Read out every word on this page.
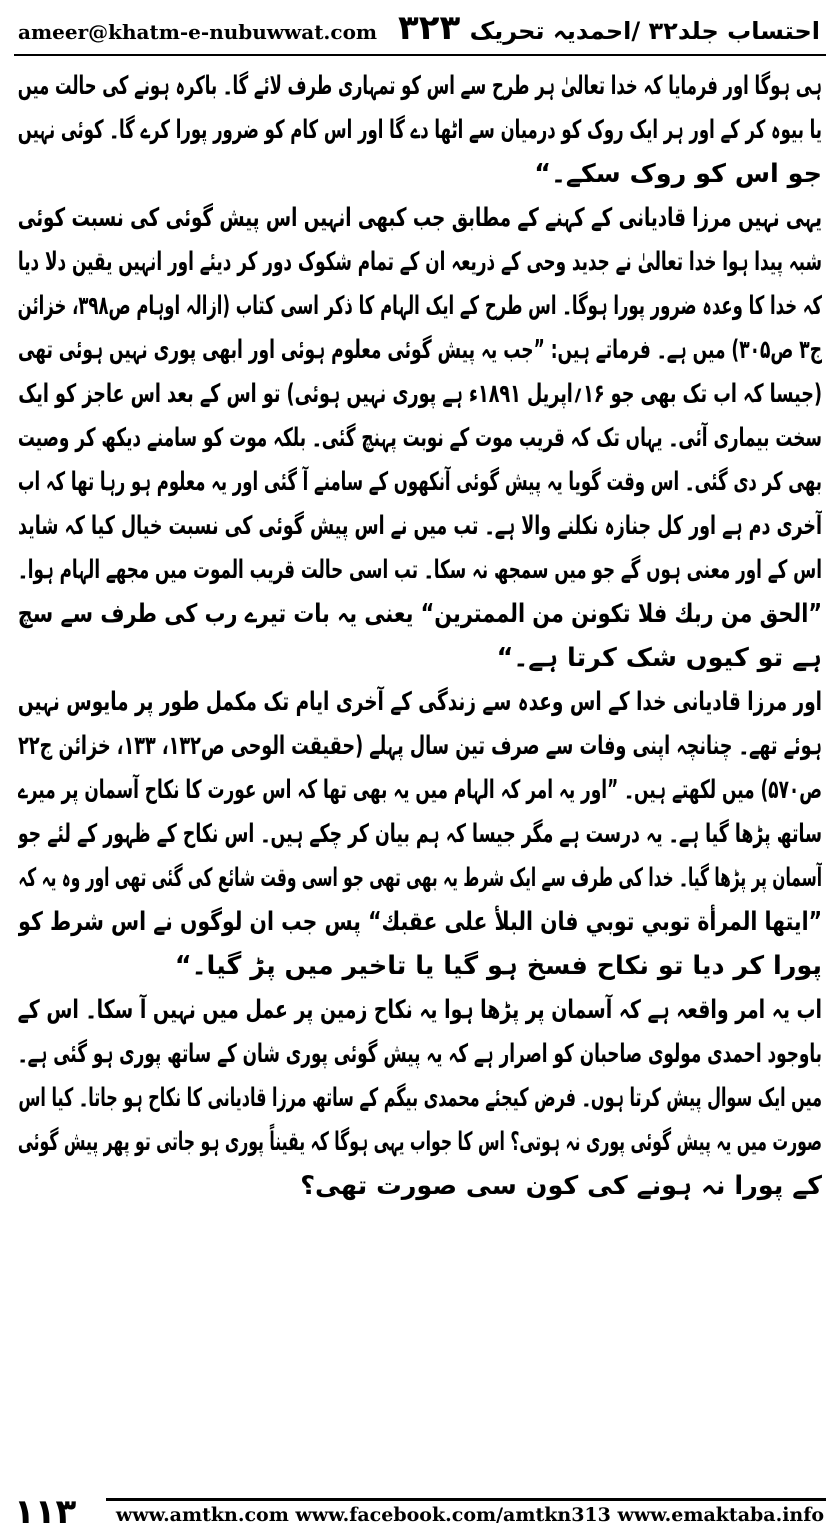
ameer@khatm-e-nubuwwat.com ۳۲۳ احتساب جلد۳۲ /احمدیہ تحریک
ہی ہوگا اور فرمایا کہ خدا تعالیٰ ہر طرح سے اس کو تمہاری طرف لائے گا۔ باکرہ ہونے کی حالت میں
یا بیوہ کر کے اور ہر ایک روک کو درمیان سے اٹھا دے گا اور اس کام کو ضرور پورا کرے گا۔ کوئی نہیں
جو اس کو روک سکے۔“
یہی نہیں مرزا قادیانی کے کہنے کے مطابق جب کبھی انہیں اس پیش گوئی کی نسبت کوئی
شبہ پیدا ہوا خدا تعالیٰ نے جدید وحی کے ذریعہ ان کے تمام شکوک دور کر دیئے اور انہیں یقین دلا دیا
کہ خدا کا وعدہ ضرور پورا ہوگا۔ اس طرح کے ایک الہام کا ذکر اسی کتاب (ازالہ اوہام ص۳۹۸، خزائن
ج۳ ص۳۰۵) میں ہے۔ فرماتے ہیں: ”جب یہ پیش گوئی معلوم ہوئی اور ابھی پوری نہیں ہوئی تھی
(جیسا کہ اب تک بھی جو ۱۶؍اپریل ۱۸۹۱ء ہے پوری نہیں ہوئی) تو اس کے بعد اس عاجز کو ایک
سخت بیماری آئی۔ یہاں تک کہ قریب موت کے نوبت پہنچ گئی۔ بلکہ موت کو سامنے دیکھ کر وصیت
بھی کر دی گئی۔ اس وقت گویا یہ پیش گوئی آنکھوں کے سامنے آ گئی اور یہ معلوم ہو رہا تھا کہ اب
آخری دم ہے اور کل جنازہ نکلنے والا ہے۔ تب میں نے اس پیش گوئی کی نسبت خیال کیا کہ شاید
اس کے اور معنی ہوں گے جو میں سمجھ نہ سکا۔ تب اسی حالت قریب الموت میں مجھے الہام ہوا۔
”الحق من ربك فلا تكونن من الممترين“ یعنی یہ بات تیرے رب کی طرف سے سچ
ہے تو کیوں شک کرتا ہے۔“
اور مرزا قادیانی خدا کے اس وعدہ سے زندگی کے آخری ایام تک مکمل طور پر مایوس نہیں
ہوئے تھے۔ چنانچہ اپنی وفات سے صرف تین سال پہلے (حقیقت الوحی ص۱۳۲، ۱۳۳، خزائن ج۲۲
ص۵۷۰) میں لکھتے ہیں۔ ”اور یہ امر کہ الہام میں یہ بھی تھا کہ اس عورت کا نکاح آسمان پر میرے
ساتھ پڑھا گیا ہے۔ یہ درست ہے مگر جیسا کہ ہم بیان کر چکے ہیں۔ اس نکاح کے ظہور کے لئے جو
آسمان پر پڑھا گیا۔ خدا کی طرف سے ایک شرط یہ بھی تھی جو اسی وقت شائع کی گئی تھی اور وہ یہ کہ
”ايتها المرأة توبي توبي فان البلأ على عقبك“ پس جب ان لوگوں نے اس شرط کو
پورا کر دیا تو نکاح فسخ ہو گیا یا تاخیر میں پڑ گیا۔“
اب یہ امر واقعہ ہے کہ آسمان پر پڑھا ہوا یہ نکاح زمین پر عمل میں نہیں آ سکا۔ اس کے
باوجود احمدی مولوی صاحبان کو اصرار ہے کہ یہ پیش گوئی پوری شان کے ساتھ پوری ہو گئی ہے۔
میں ایک سوال پیش کرتا ہوں۔ فرض کیجئے محمدی بیگم کے ساتھ مرزا قادیانی کا نکاح ہو جاتا۔ کیا اس
صورت میں یہ پیش گوئی پوری نہ ہوتی؟ اس کا جواب یہی ہوگا کہ یقیناً پوری ہو جاتی تو پھر پیش گوئی
کے پورا نہ ہونے کی کون سی صورت تھی؟
۱۱۳ www.amtkn.com www.facebook.com/amtkn313 www.emaktaba.info
